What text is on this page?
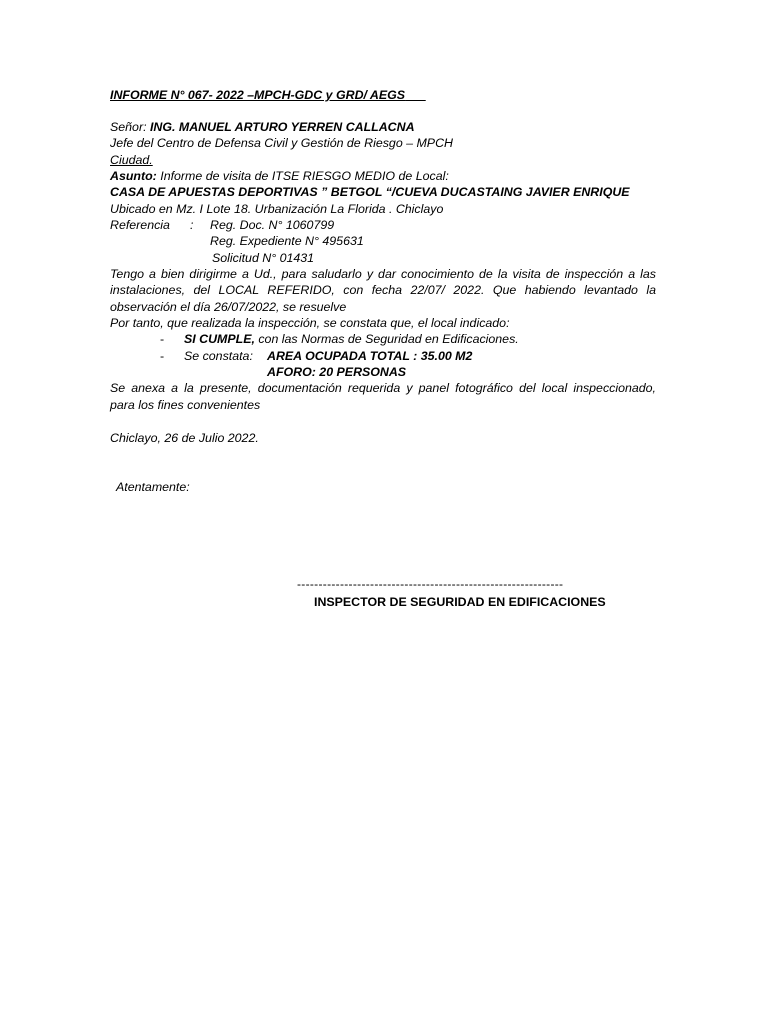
INFORME N° 067- 2022 –MPCH-GDC y GRD/ AEGS
Señor: ING. MANUEL ARTURO YERREN CALLACNA
Jefe del Centro de Defensa Civil y Gestión de Riesgo – MPCH
Ciudad.
Asunto: Informe de visita de ITSE RIESGO MEDIO de Local:
CASA DE APUESTAS DEPORTIVAS ” BETGOL “/CUEVA DUCASTAING JAVIER ENRIQUE
Ubicado en Mz. I Lote 18. Urbanización La Florida . Chiclayo
Referencia : Reg. Doc. N° 1060799
Reg. Expediente N° 495631
Solicitud N° 01431
Tengo a bien dirigirme a Ud., para saludarlo y dar conocimiento de la visita de inspección a las
instalaciones, del LOCAL REFERIDO, con fecha 22/07/ 2022. Que habiendo levantado la
observación el día 26/07/2022, se resuelve
Por tanto, que realizada la inspección, se constata que, el local indicado:
- SI CUMPLE, con las Normas de Seguridad en Edificaciones.
- Se constata: AREA OCUPADA TOTAL : 35.00 M2
AFORO: 20 PERSONAS
Se anexa a la presente, documentación requerida y panel fotográfico del local inspeccionado,
para los fines convenientes
Chiclayo, 26 de Julio 2022.
Atentamente:
--------------------------------------------------------------
INSPECTOR DE SEGURIDAD EN EDIFICACIONES
